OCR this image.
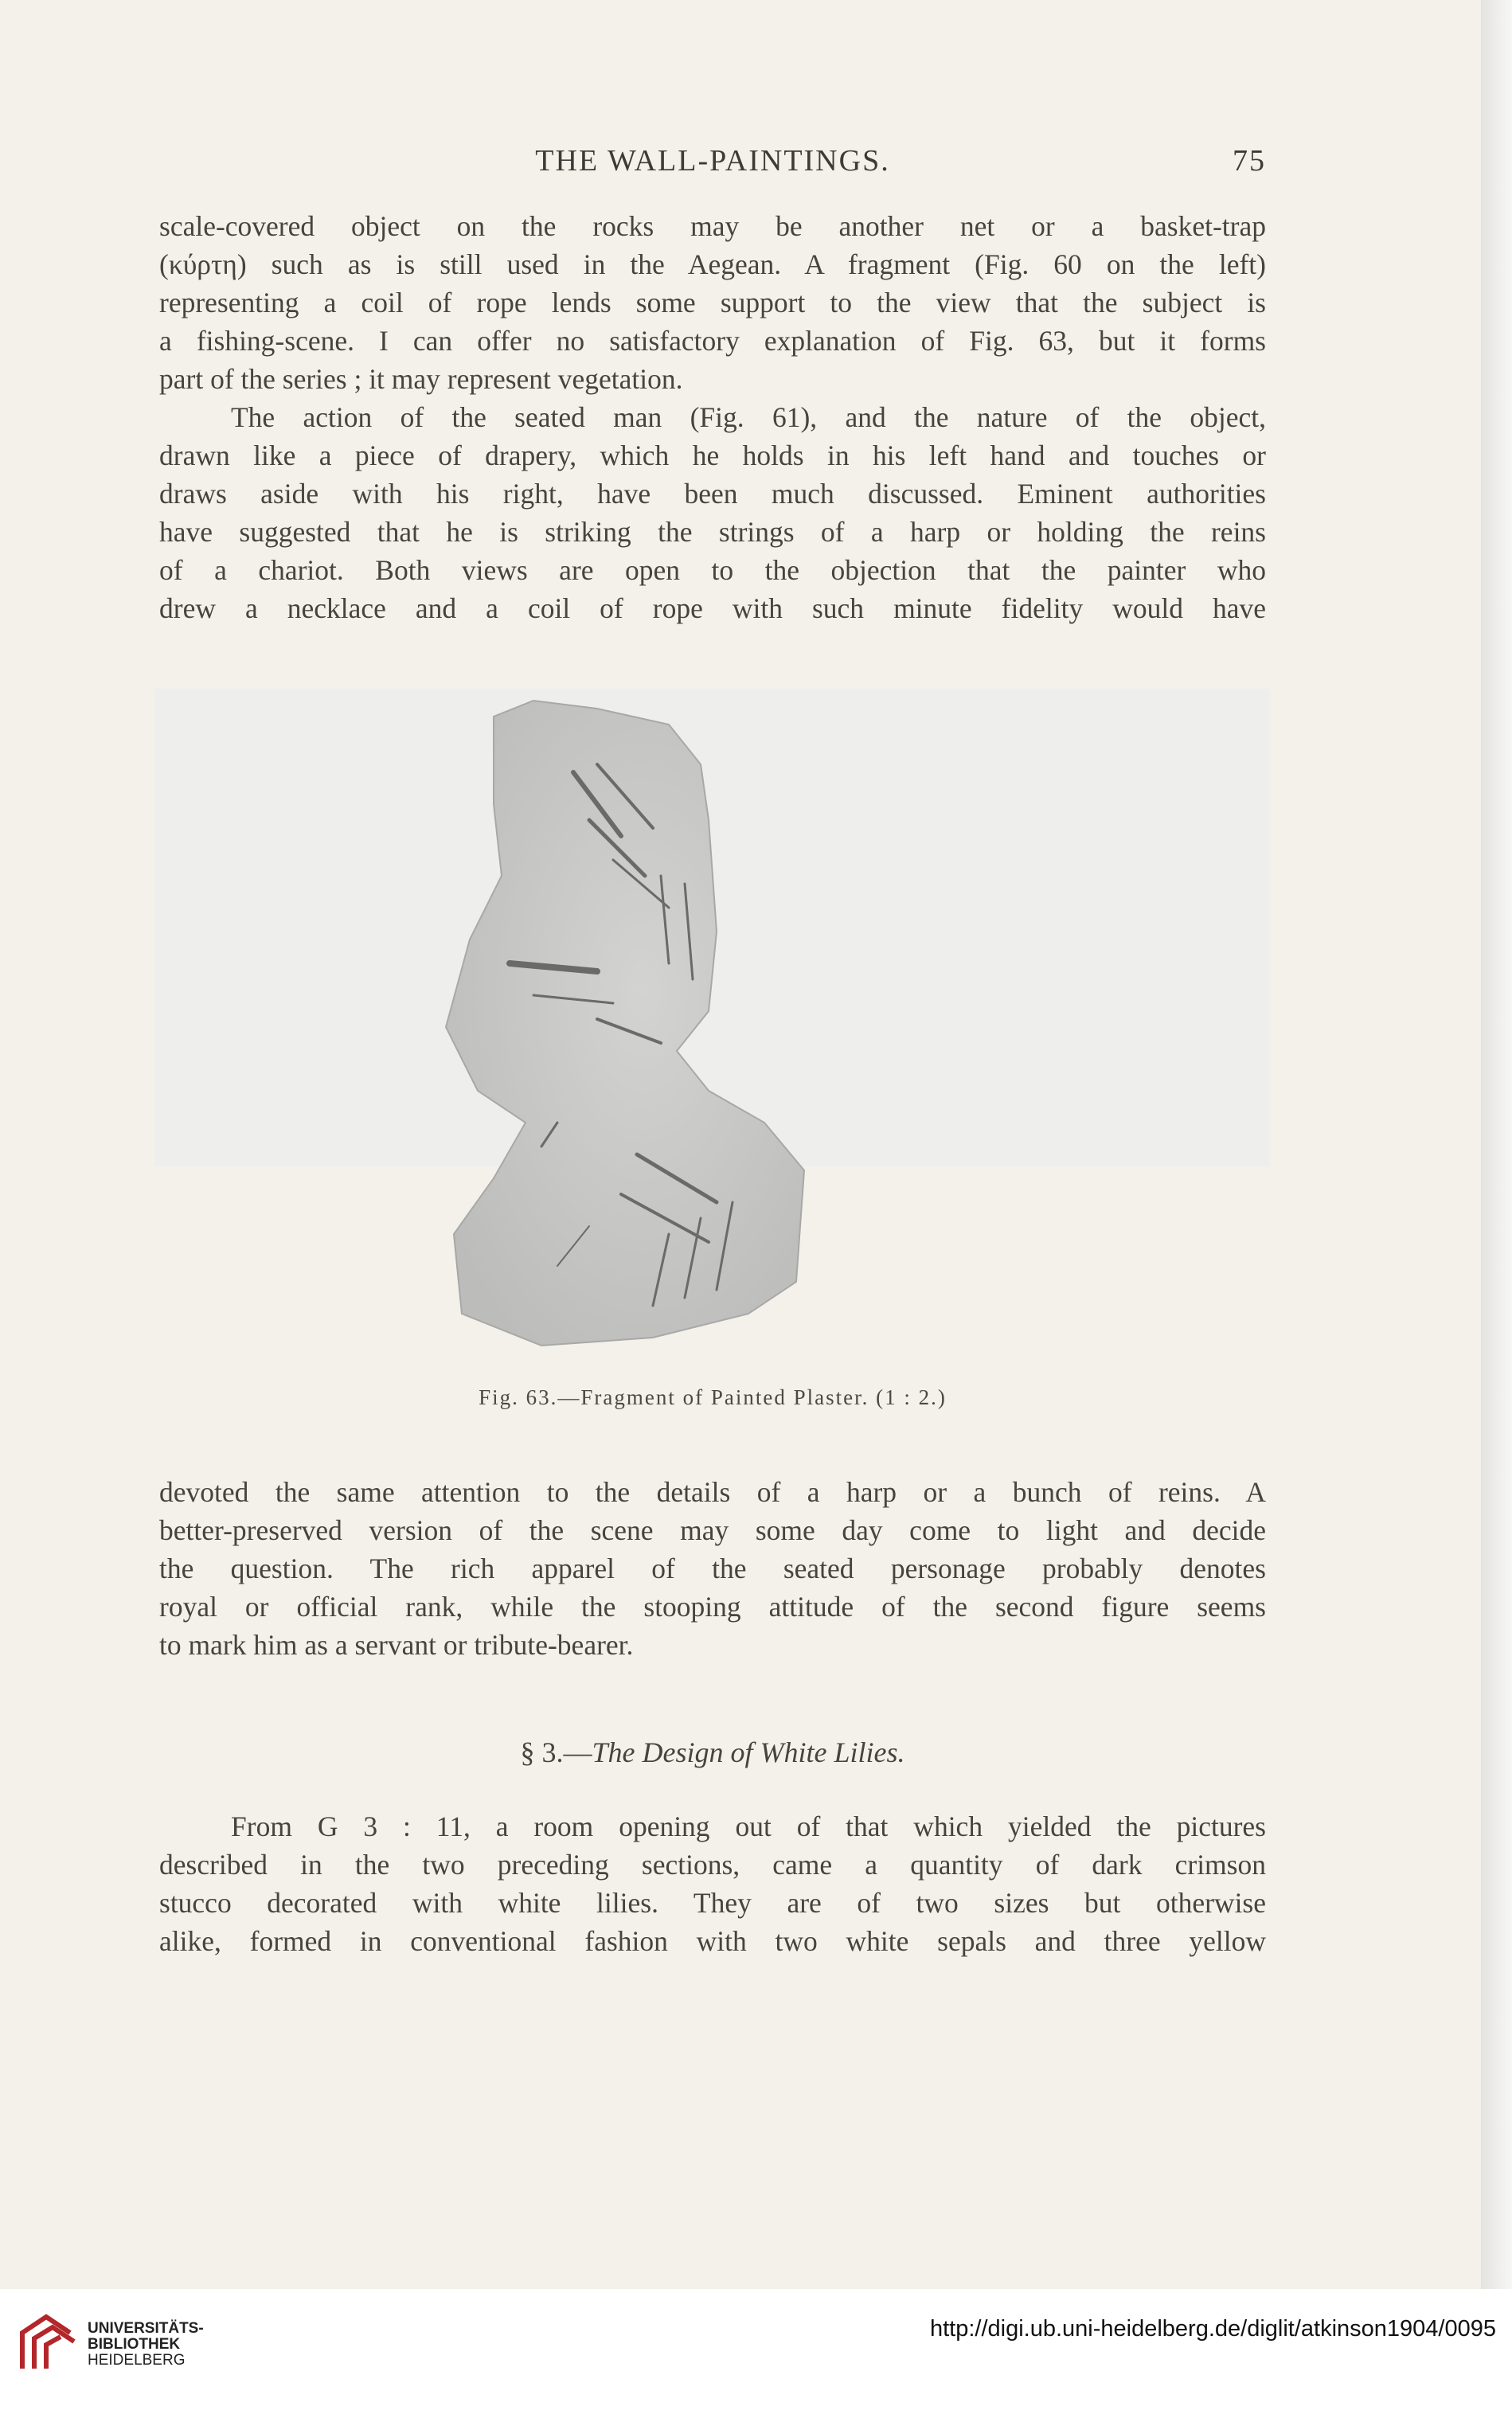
THE WALL-PAINTINGS.	75

scale-covered object on the rocks may be another net or a basket-trap

(κύρτη) such as is still used in the Aegean. A fragment (Fig. 60 on the left)

representing a coil of rope lends some support to the view that the subject is

a fishing-scene. I can offer no satisfactory explanation of Fig. 63, but it forms

part of the series ; it may represent vegetation.

The action of the seated man (Fig. 61), and the nature of the object,

drawn like a piece of drapery, which he holds in his left hand and touches or

draws aside with his right, have been much discussed. Eminent authorities

have suggested that he is striking the strings of a harp or holding the reins

of a chariot. Both views are open to the objection that the painter who

drew a necklace and a coil of rope with such minute fidelity would have

Fig. 63.—Fragment of Painted Plaster. (1 : 2.)

devoted the same attention to the details of a harp or a bunch of reins. A

better-preserved version of the scene may some day come to light and decide

the question. The rich apparel of the seated personage probably denotes

royal or official rank, while the stooping attitude of the second figure seems

to mark him as a servant or tribute-bearer.

§ 3.—The Design of White Lilies.

From G 3 : 11, a room opening out of that which yielded the pictures

described in the two preceding sections, came a quantity of dark crimson

stucco decorated with white lilies. They are of two sizes but otherwise

alike, formed in conventional fashion with two white sepals and three yellow

UNIVERSITÄTS-
BIBLIOTHEK
HEIDELBERG
http://digi.ub.uni-heidelberg.de/diglit/atkinson1904/0095
